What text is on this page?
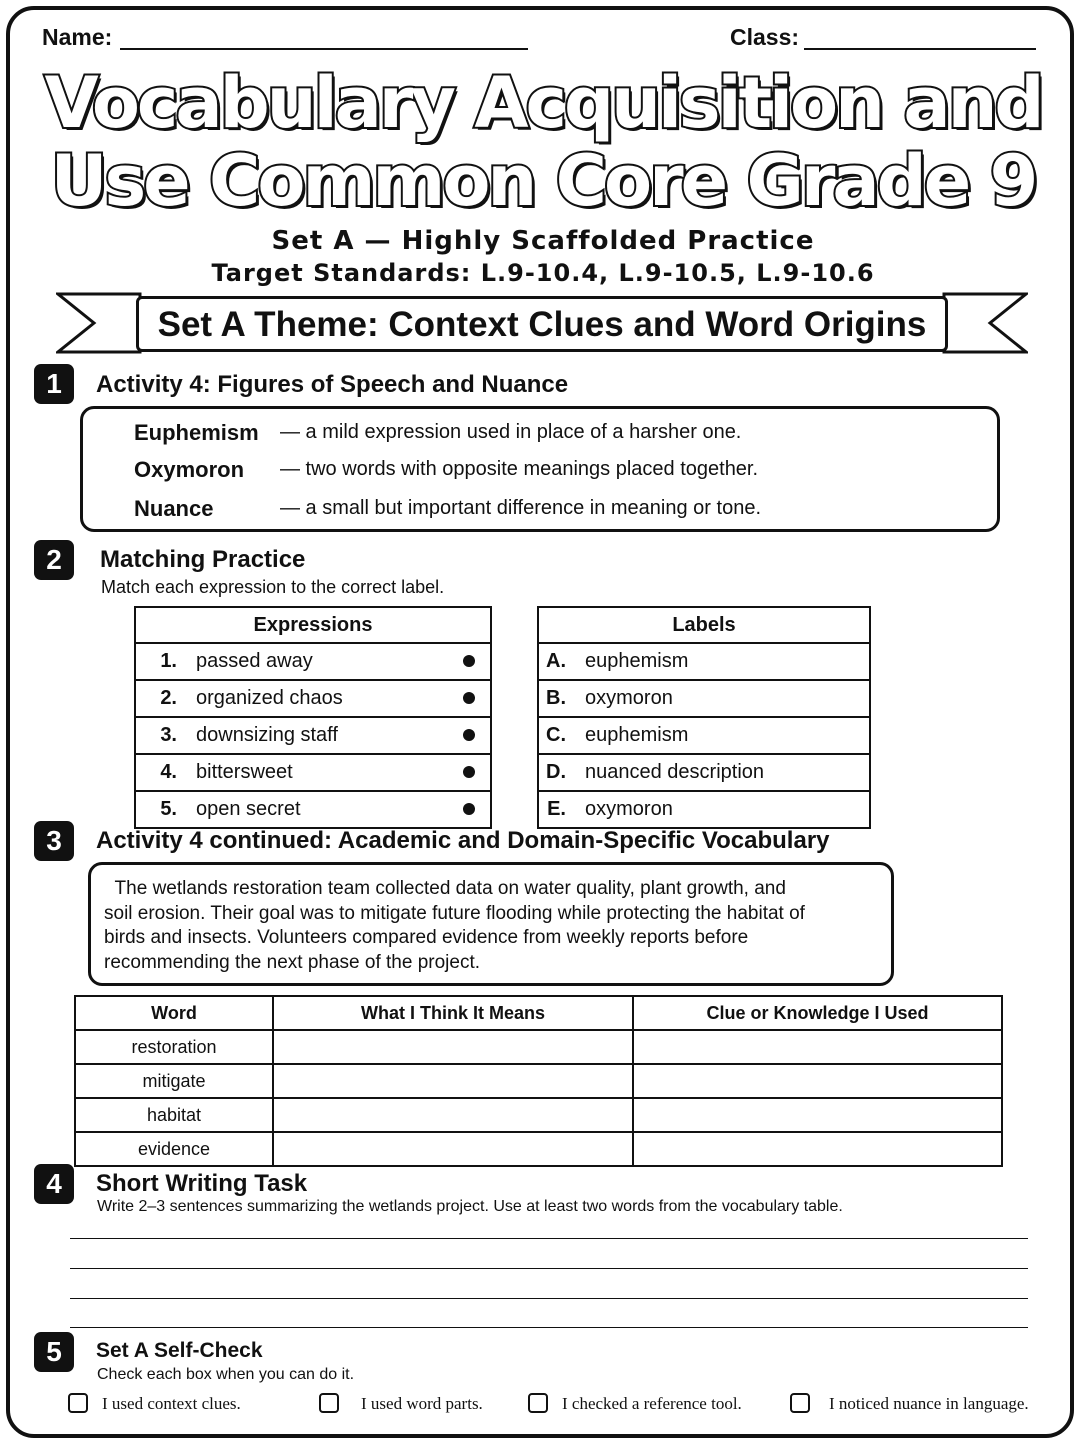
Name:	Class:
Vocabulary Acquisition and
Use Common Core Grade 9
Set A — Highly Scaffolded Practice
Target Standards: L.9-10.4, L.9-10.5, L.9-10.6
Set A Theme: Context Clues and Word Origins
1	Activity 4: Figures of Speech and Nuance
Euphemism — a mild expression used in place of a harsher one.
Oxymoron — two words with opposite meanings placed together.
Nuance	— a small but important difference in meaning or tone.
2	Matching Practice
Match each expression to the correct label.
Expressions		
1.	passed away	
2.	organized chaos	
3.	downsizing staff	
4.	bittersweet	
5.	open secret	
Labels	
A.	euphemism
B.	oxymoron
C.	euphemism
D.	nuanced description
E.	oxymoron
3	Activity 4 continued: Academic and Domain-Specific Vocabulary
The wetlands restoration team collected data on water quality, plant growth, and
soil erosion. Their goal was to mitigate future flooding while protecting the habitat of
birds and insects. Volunteers compared evidence from weekly reports before
recommending the next phase of the project.
Word	What I Think It Means	Clue or Knowledge I Used
restoration		
mitigate		
habitat		
evidence		
4	Short Writing Task
Write 2–3 sentences summarizing the wetlands project. Use at least two words from the vocabulary table.
5	Set A Self-Check
Check each box when you can do it.
I used context clues.	I used word parts.	I checked a reference tool.	I noticed nuance in language.
